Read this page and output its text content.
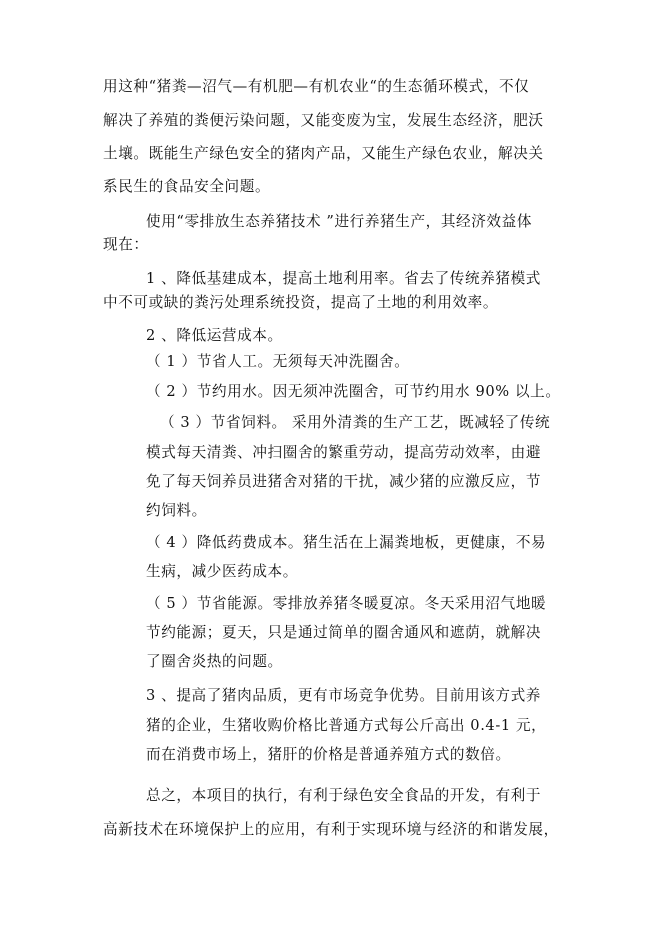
用这种“猪粪—沼气—有机肥—有机农业“的生态循环模式，不仅
解决了养殖的粪便污染问题，又能变废为宝，发展生态经济，肥沃
土壤。既能生产绿色安全的猪肉产品，又能生产绿色农业，解决关
系民生的食品安全问题。
使用“零排放生态养猪技术 ”进行养猪生产，其经济效益体
现在：
1 、降低基建成本，提高土地利用率。省去了传统养猪模式
中不可或缺的粪污处理系统投资，提高了土地的利用效率。
2 、降低运营成本。
（ 1 ）节省人工。无须每天冲洗圈舍。
（ 2 ）节约用水。因无须冲洗圈舍，可节约用水 90% 以上。
（ 3 ）节省饲料。 采用外清粪的生产工艺，既减轻了传统
模式每天清粪、冲扫圈舍的繁重劳动，提高劳动效率，由避
免了每天饲养员进猪舍对猪的干扰，减少猪的应激反应，节
约饲料。
（ 4 ）降低药费成本。猪生活在上漏粪地板，更健康，不易
生病，减少医药成本。
（ 5 ）节省能源。零排放养猪冬暖夏凉。冬天采用沼气地暖
节约能源；夏天，只是通过简单的圈舍通风和遮荫，就解决
了圈舍炎热的问题。
3 、提高了猪肉品质，更有市场竞争优势。目前用该方式养
猪的企业，生猪收购价格比普通方式每公斤高出 0.4-1 元，
而在消费市场上，猪肝的价格是普通养殖方式的数倍。
总之，本项目的执行，有利于绿色安全食品的开发，有利于
高新技术在环境保护上的应用，有利于实现环境与经济的和谐发展，
